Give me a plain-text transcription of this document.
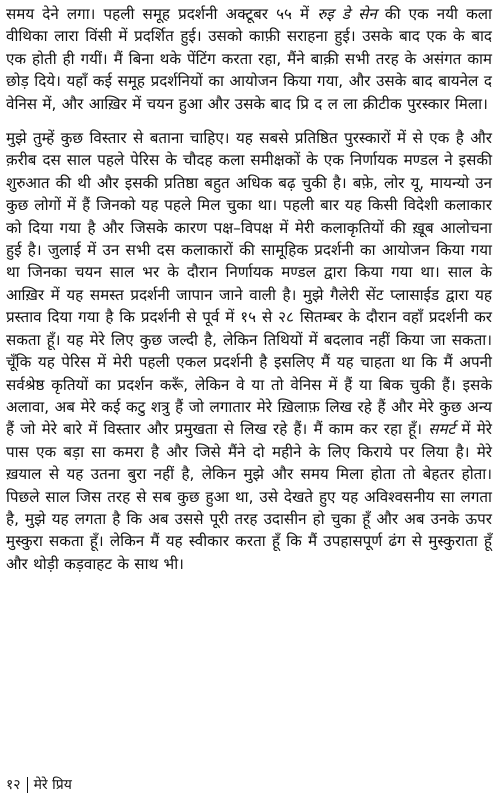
समय देने लगा। पहली समूह प्रदर्शनी अक्टूबर ५५ में रुइ डे सेन की एक नयी कला वीथिका लारा विंसी में प्रदर्शित हुई। उसको काफ़ी सराहना हुई। उसके बाद एक के बाद एक होती ही गयीं। मैं बिना थके पेंटिंग करता रहा, मैंने बाक़ी सभी तरह के असंगत काम छोड़ दिये। यहाँ कई समूह प्रदर्शनियों का आयोजन किया गया, और उसके बाद बायनेल द वेनिस में, और आख़िर में चयन हुआ और उसके बाद प्रि द ल ला क्रीटीक पुरस्कार मिला।

मुझे तुम्हें कुछ विस्तार से बताना चाहिए। यह सबसे प्रतिष्ठित पुरस्कारों में से एक है और क़रीब दस साल पहले पेरिस के चौदह कला समीक्षकों के एक निर्णायक मण्डल ने इसकी शुरुआत की थी और इसकी प्रतिष्ठा बहुत अधिक बढ़ चुकी है। बफ़े, लोर यू, मायन्यो उन कुछ लोगों में हैं जिनको यह पहले मिल चुका था। पहली बार यह किसी विदेशी कलाकार को दिया गया है और जिसके कारण पक्ष–विपक्ष में मेरी कलाकृतियों की ख़ूब आलोचना हुई है। जुलाई में उन सभी दस कलाकारों की सामूहिक प्रदर्शनी का आयोजन किया गया था जिनका चयन साल भर के दौरान निर्णायक मण्डल द्वारा किया गया था। साल के आख़िर में यह समस्त प्रदर्शनी जापान जाने वाली है। मुझे गैलेरी सेंट प्लासाईड द्वारा यह प्रस्ताव दिया गया है कि प्रदर्शनी से पूर्व में १५ से २८ सितम्बर के दौरान वहाँ प्रदर्शनी कर सकता हूँ। यह मेरे लिए कुछ जल्दी है, लेकिन तिथियों में बदलाव नहीं किया जा सकता। चूँकि यह पेरिस में मेरी पहली एकल प्रदर्शनी है इसलिए मैं यह चाहता था कि मैं अपनी सर्वश्रेष्ठ कृतियों का प्रदर्शन करूँ, लेकिन वे या तो वेनिस में हैं या बिक चुकी हैं। इसके अलावा, अब मेरे कई कटु शत्रु हैं जो लगातार मेरे ख़िलाफ़ लिख रहे हैं और मेरे कुछ अन्य हैं जो मेरे बारे में विस्तार और प्रमुखता से लिख रहे हैं। मैं काम कर रहा हूँ। समर्ट में मेरे पास एक बड़ा सा कमरा है और जिसे मैंने दो महीने के लिए किराये पर लिया है। मेरे ख़याल से यह उतना बुरा नहीं है, लेकिन मुझे और समय मिला होता तो बेहतर होता। पिछले साल जिस तरह से सब कुछ हुआ था, उसे देखते हुए यह अविश्वसनीय सा लगता है, मुझे यह लगता है कि अब उससे पूरी तरह उदासीन हो चुका हूँ और अब उनके ऊपर मुस्कुरा सकता हूँ। लेकिन मैं यह स्वीकार करता हूँ कि मैं उपहासपूर्ण ढंग से मुस्कुराता हूँ और थोड़ी कड़वाहट के साथ भी।

१२ मेरे प्रिय
